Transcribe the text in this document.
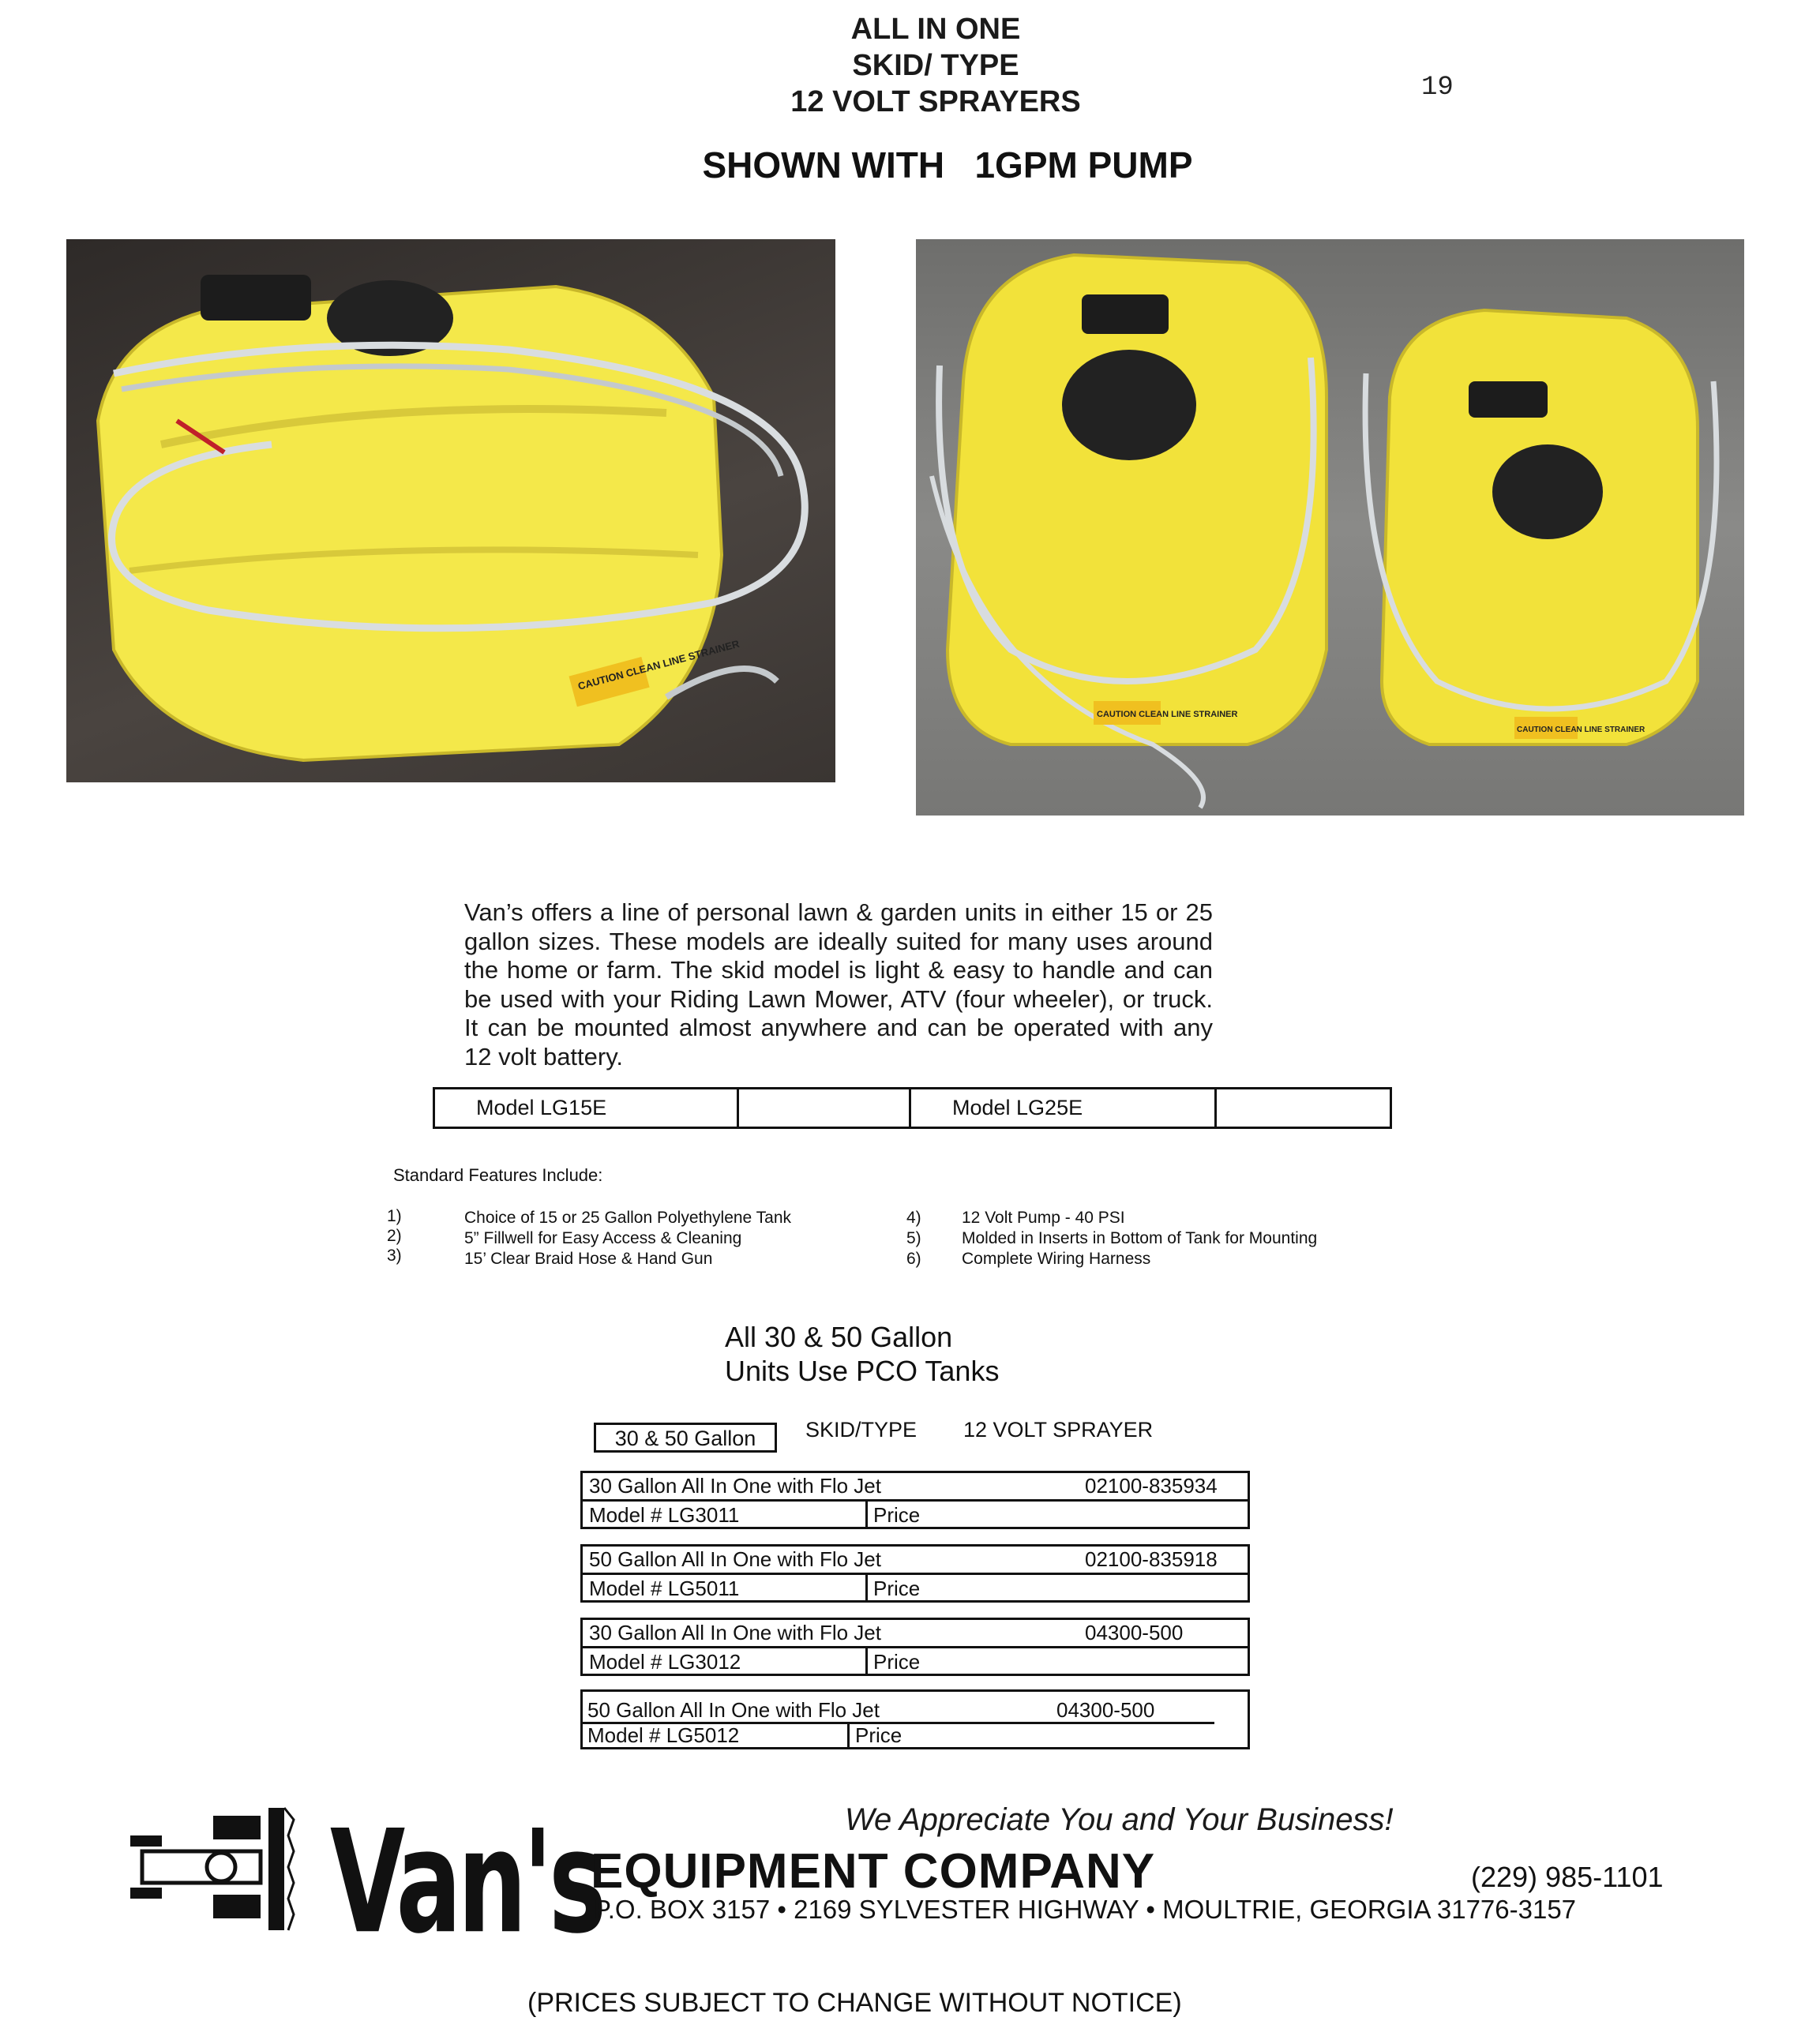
ALL IN ONE
SKID/ TYPE
12 VOLT SPRAYERS	19
SHOWN WITH   1GPM PUMP
CAUTION CLEAN LINE STRAINER
CAUTION CLEAN LINE STRAINER
CAUTION CLEAN LINE STRAINER
Van’s offers a line of personal lawn & garden units in either 15 or 25 gallon sizes. These models are ideally suited for many uses around the home or farm. The skid model is light & easy to handle and can be used with your Riding Lawn Mower, ATV (four wheeler), or truck. It can be mounted almost anywhere and can be operated with any 12 volt battery.
Model LG15E	Model LG25E
Standard Features Include:
1)
2)
3)
Choice of 15 or 25 Gallon Polyethylene Tank
5” Fillwell for Easy Access & Cleaning
15’ Clear Braid Hose & Hand Gun
4)
5)
6)
12 Volt Pump - 40 PSI
Molded in Inserts in Bottom of Tank for Mounting
Complete Wiring Harness
All 30 & 50 Gallon
Units Use PCO Tanks
30 & 50 Gallon	SKID/TYPE 12 VOLT SPRAYER
30 Gallon All In One with Flo Jet	02100-835934
Model # LG3011	Price
50 Gallon All In One with Flo Jet	02100-835918
Model # LG5011	Price
30 Gallon All In One with Flo Jet	04300-500
Model # LG3012	Price
50 Gallon All In One with Flo Jet	04300-500
Model # LG5012	Price
Van's	We Appreciate You and Your Business!
EQUIPMENT COMPANY	(229) 985-1101
P.O. BOX 3157 • 2169 SYLVESTER HIGHWAY • MOULTRIE, GEORGIA 31776-3157
(PRICES SUBJECT TO CHANGE WITHOUT NOTICE)
